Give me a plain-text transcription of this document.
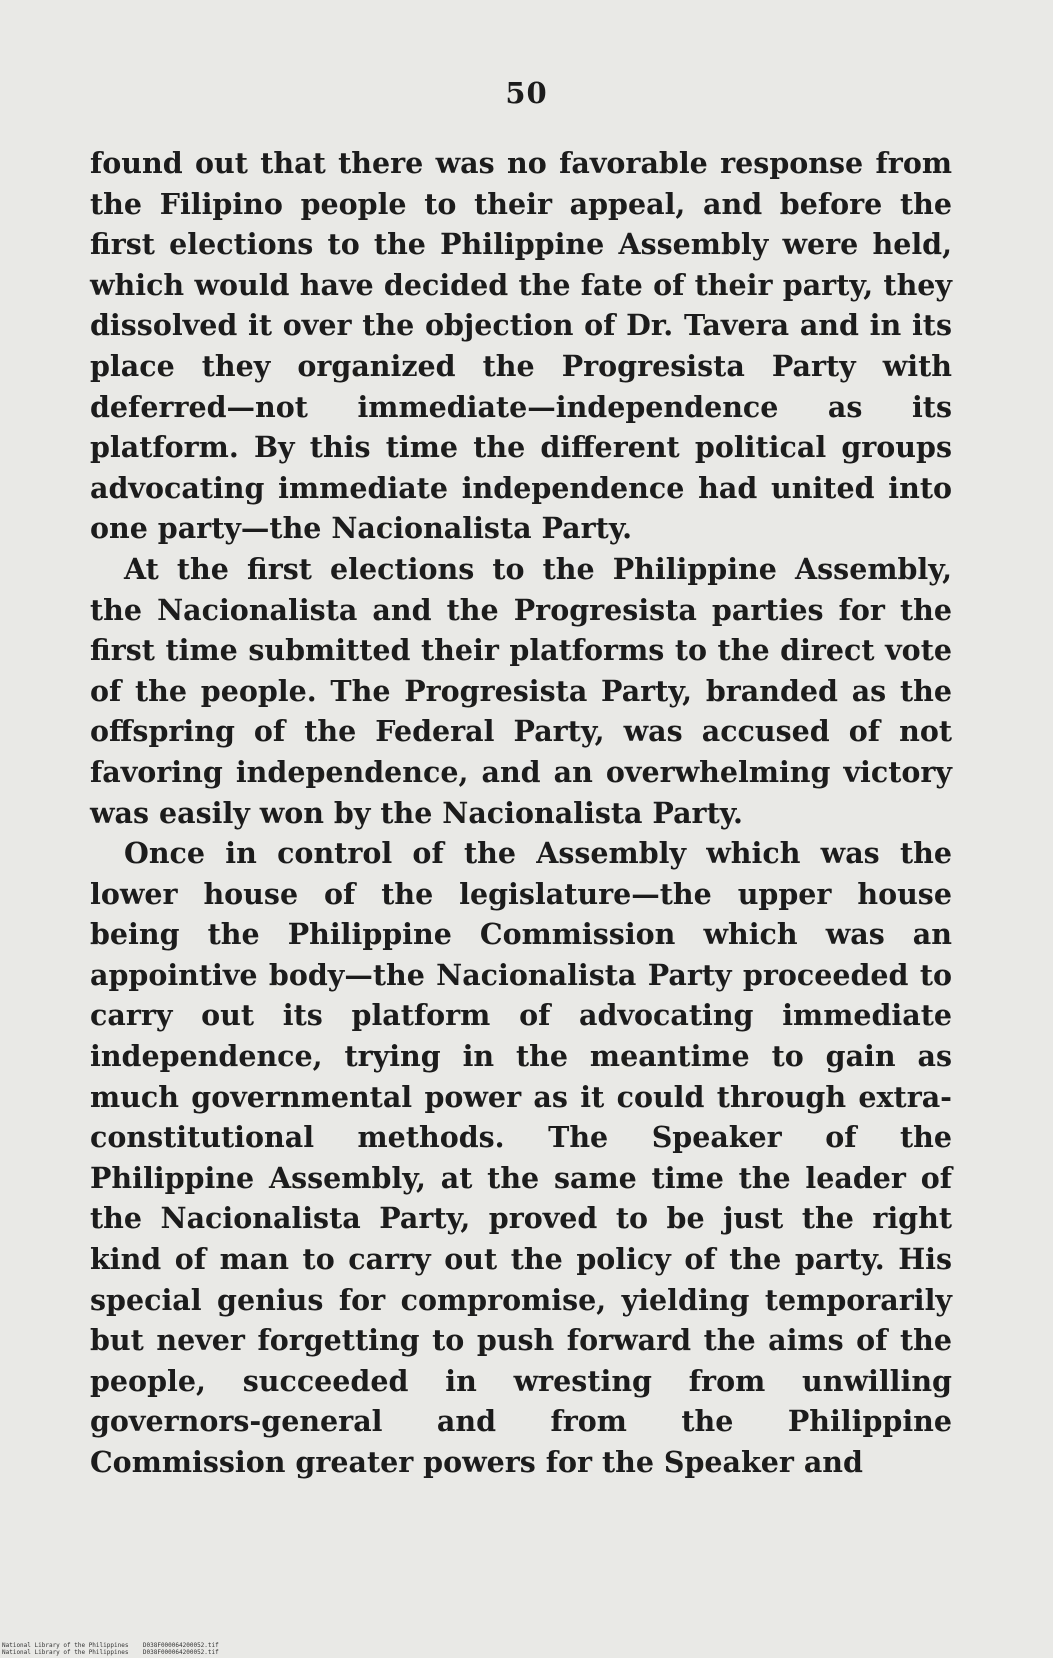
50

found out that there was no favorable response from the Filipino people to their appeal, and before the first elections to the Philippine Assembly were held, which would have decided the fate of their party, they dissolved it over the objection of Dr. Tavera and in its place they organized the Progresista Party with deferred—not immediate—independence as its platform. By this time the different political groups advocating immediate independence had united into one party—the Nacionalista Party.

At the first elections to the Philippine Assembly, the Nacionalista and the Progresista parties for the first time submitted their platforms to the direct vote of the people. The Progresista Party, branded as the offspring of the Federal Party, was accused of not favoring independence, and an overwhelming victory was easily won by the Nacionalista Party.

Once in control of the Assembly which was the lower house of the legislature—the upper house being the Philippine Commission which was an appointive body—the Nacionalista Party proceeded to carry out its platform of advocating immediate independence, trying in the meantime to gain as much governmental power as it could through extra-constitutional methods. The Speaker of the Philippine Assembly, at the same time the leader of the Nacionalista Party, proved to be just the right kind of man to carry out the policy of the party. His special genius for compromise, yielding temporarily but never forgetting to push forward the aims of the people, succeeded in wresting from unwilling governors-general and from the Philippine Commission greater powers for the Speaker and

National Library of the Philippines    D038F000064200052.tif
National Library of the Philippines    D038F000064200052.tif
